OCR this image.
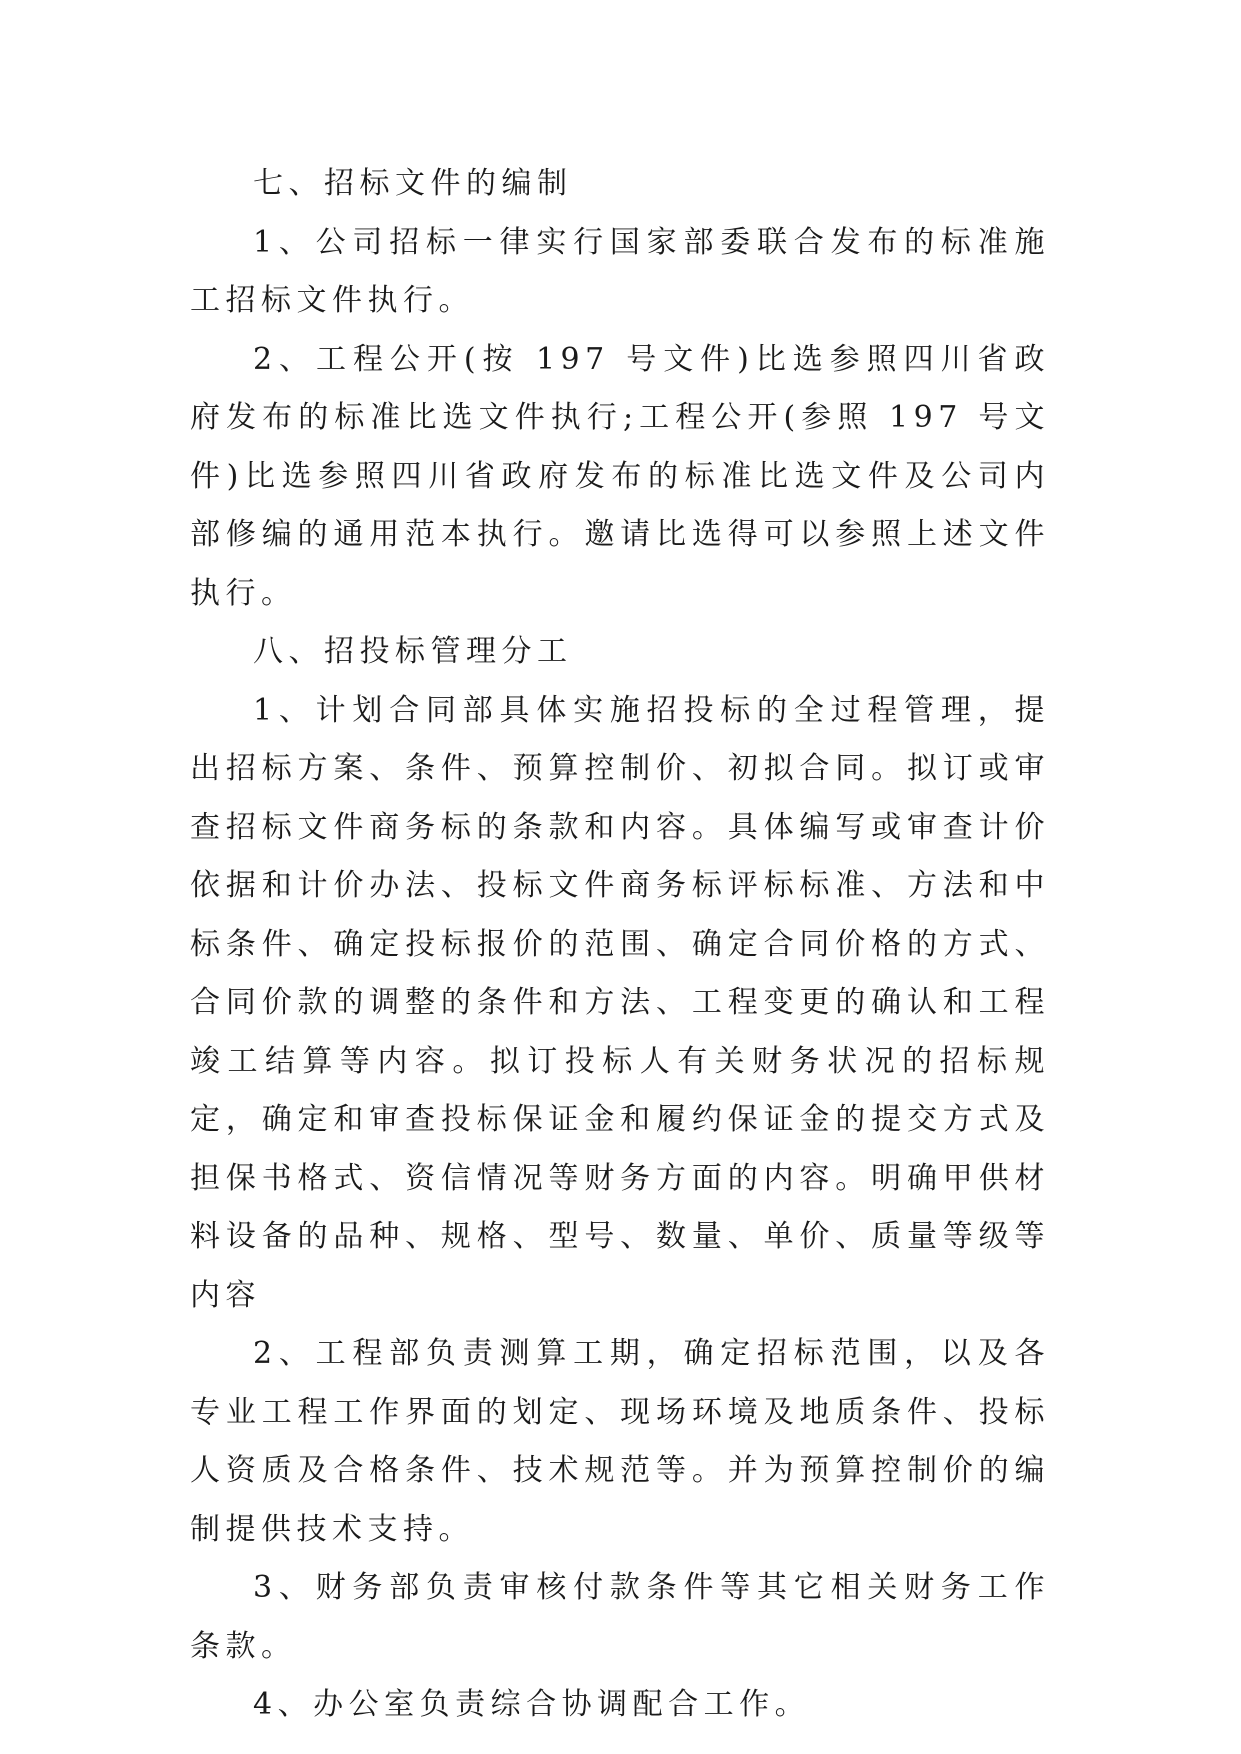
七、招标文件的编制

1、公司招标一律实行国家部委联合发布的标准施工招标文件执行。

2、工程公开(按 197 号文件)比选参照四川省政府发布的标准比选文件执行;工程公开(参照 197 号文件)比选参照四川省政府发布的标准比选文件及公司内部修编的通用范本执行。邀请比选得可以参照上述文件执行。

八、招投标管理分工

1、计划合同部具体实施招投标的全过程管理，提出招标方案、条件、预算控制价、初拟合同。拟订或审查招标文件商务标的条款和内容。具体编写或审查计价依据和计价办法、投标文件商务标评标标准、方法和中标条件、确定投标报价的范围、确定合同价格的方式、合同价款的调整的条件和方法、工程变更的确认和工程竣工结算等内容。拟订投标人有关财务状况的招标规定，确定和审查投标保证金和履约保证金的提交方式及担保书格式、资信情况等财务方面的内容。明确甲供材料设备的品种、规格、型号、数量、单价、质量等级等内容

2、工程部负责测算工期，确定招标范围，以及各专业工程工作界面的划定、现场环境及地质条件、投标人资质及合格条件、技术规范等。并为预算控制价的编制提供技术支持。

3、财务部负责审核付款条件等其它相关财务工作条款。

4、办公室负责综合协调配合工作。
